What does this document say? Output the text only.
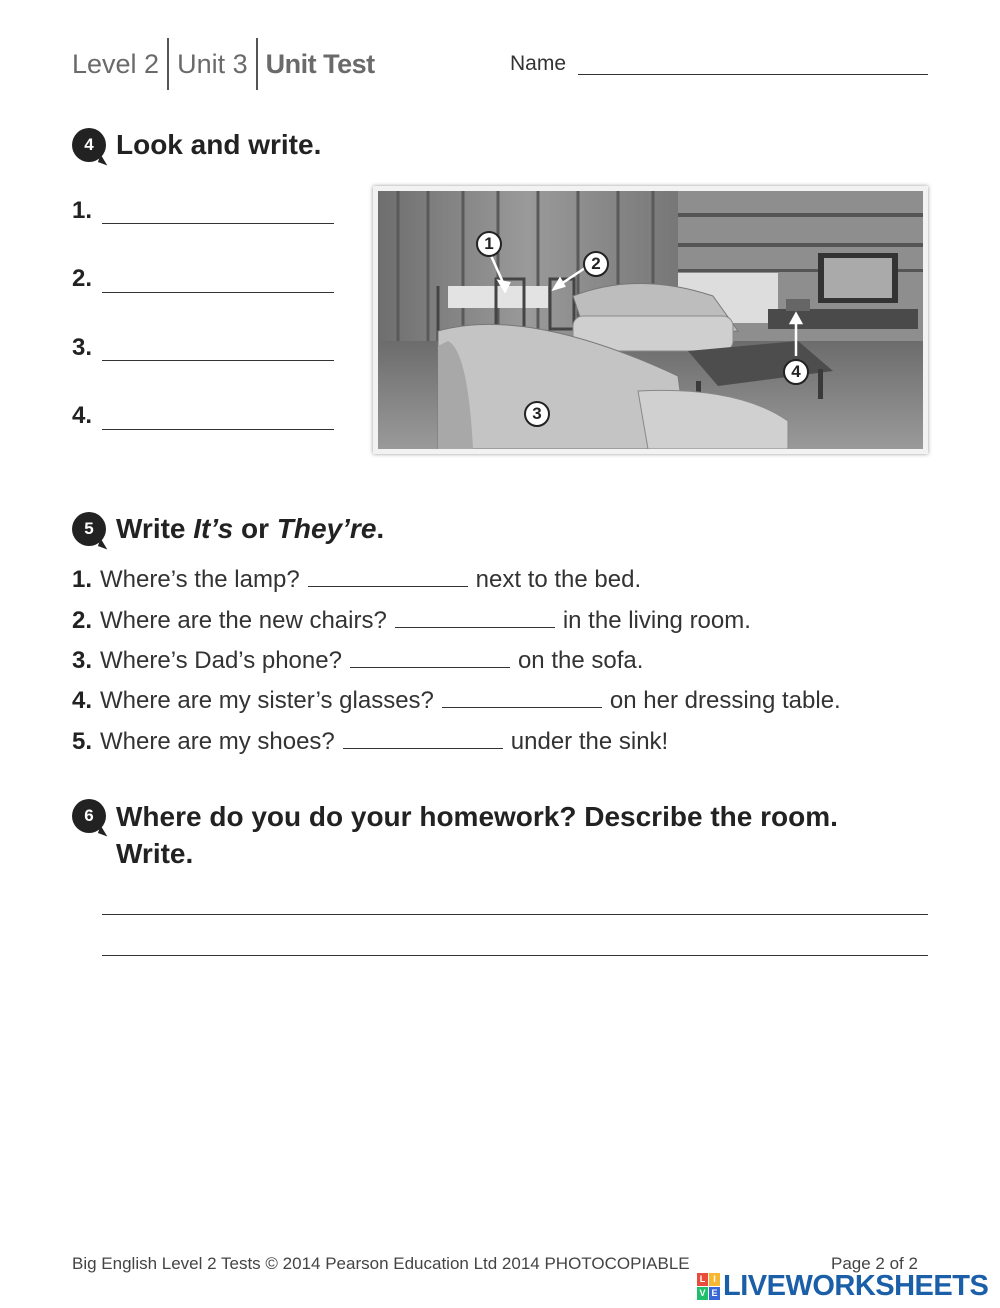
Level 2 Unit 3 Unit Test	Name
4 Look and write.
1.
2.
3.
4.
1
2
3
4
5 Write It’s or They’re.
1. Where’s the lamp?	next to the bed.
2. Where are the new chairs?	in the living room.
3. Where’s Dad’s phone?	on the sofa.
4. Where are my sister’s glasses?	on her dressing table.
5. Where are my shoes?	under the sink!
6 Where do you do your homework? Describe the room.
Write.
Big English Level 2 Tests © 2014 Pearson Education Ltd 2014 PHOTOCOPIABLE	Page 2 of 2
L I
V E LIVEWORKSHEETS
